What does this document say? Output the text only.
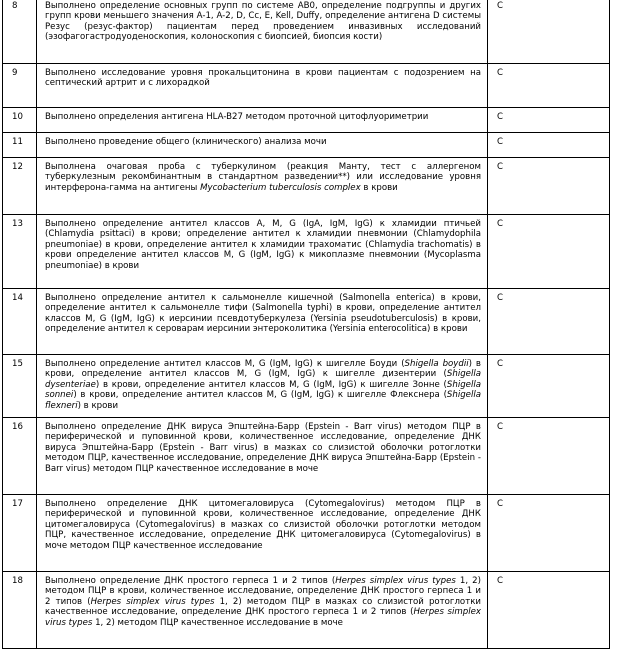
8	Выполнено определение основных групп по системе АВ0, определение подгруппы и других групп крови меньшего значения A-1, A-2, D, Cc, E, Kell, Duffy, определение антигена D системы Резус (резус-фактор) пациентам перед проведением инвазивных исследований (эзофагогастродуоденоскопия, колоноскопия с биопсией, биопсия кости)	С
9	Выполнено исследование уровня прокальцитонина в крови пациентам с подозрением на септический артрит и с лихорадкой	С
10	Выполнено определения антигена HLA-B27 методом проточной цитофлуориметрии	С
11	Выполнено проведение общего (клинического) анализа мочи	С
12	Выполнена очаговая проба с туберкулином (реакция Манту, тест с аллергеном туберкулезным рекомбинантным в стандартном разведении**) или исследование уровня интерферона-гамма на антигены Mycobacterium tuberculosis complex в крови	С
13	Выполнено определение антител классов A, M, G (IgA, IgM, IgG) к хламидии птичьей (Chlamydia psittaci) в крови; определение антител к хламидии пневмонии (Chlamydophila pneumoniae) в крови, определение антител к хламидии трахоматис (Chlamydia trachomatis) в крови определение антител классов M, G (IgM, IgG) к микоплазме пневмонии (Mycoplasma pneumoniae) в крови	С
14	Выполнено определение антител к сальмонелле кишечной (Salmonella enterica) в крови, определение антител к сальмонелле тифи (Salmonella typhi) в крови, определение антител классов M, G (IgM, IgG) к иерсинии псевдотуберкулеза (Yersinia pseudotuberculosis) в крови, определение антител к сероварам иерсинии энтероколитика (Yersinia enterocolitica) в крови	С
15	Выполнено определение антител классов M, G (IgM, IgG) к шигелле Боуди (Shigella boydii) в крови, определение антител классов M, G (IgM, IgG) к шигелле дизентерии (Shigella dysenteriae) в крови, определение антител классов M, G (IgM, IgG) к шигелле Зонне (Shigella sonnei) в крови, определение антител классов M, G (IgM, IgG) к шигелле Флекснера (Shigella flexneri) в крови	С
16	Выполнено определение ДНК вируса Эпштейна-Барр (Epstein - Barr virus) методом ПЦР в периферической и пуповинной крови, количественное исследование, определение ДНК вируса Эпштейна-Барр (Epstein - Barr virus) в мазках со слизистой оболочки ротоглотки методом ПЦР, качественное исследование, определение ДНК вируса Эпштейна-Барр (Epstein - Barr virus) методом ПЦР качественное исследование в моче	С
17	Выполнено определение ДНК цитомегаловируса (Cytomegalovirus) методом ПЦР в периферической и пуповинной крови, количественное исследование, определение ДНК цитомегаловируса (Cytomegalovirus) в мазках со слизистой оболочки ротоглотки методом ПЦР, качественное исследование, определение ДНК цитомегаловируса (Cytomegalovirus) в моче методом ПЦР качественное исследование	С
18	Выполнено определение ДНК простого герпеса 1 и 2 типов (Herpes simplex virus types 1, 2) методом ПЦР в крови, количественное исследование, определение ДНК простого герпеса 1 и 2 типов (Herpes simplex virus types 1, 2) методом ПЦР в мазках со слизистой ротоглотки качественное исследование, определение ДНК простого герпеса 1 и 2 типов (Herpes simplex virus types 1, 2) методом ПЦР качественное исследование в моче	С
